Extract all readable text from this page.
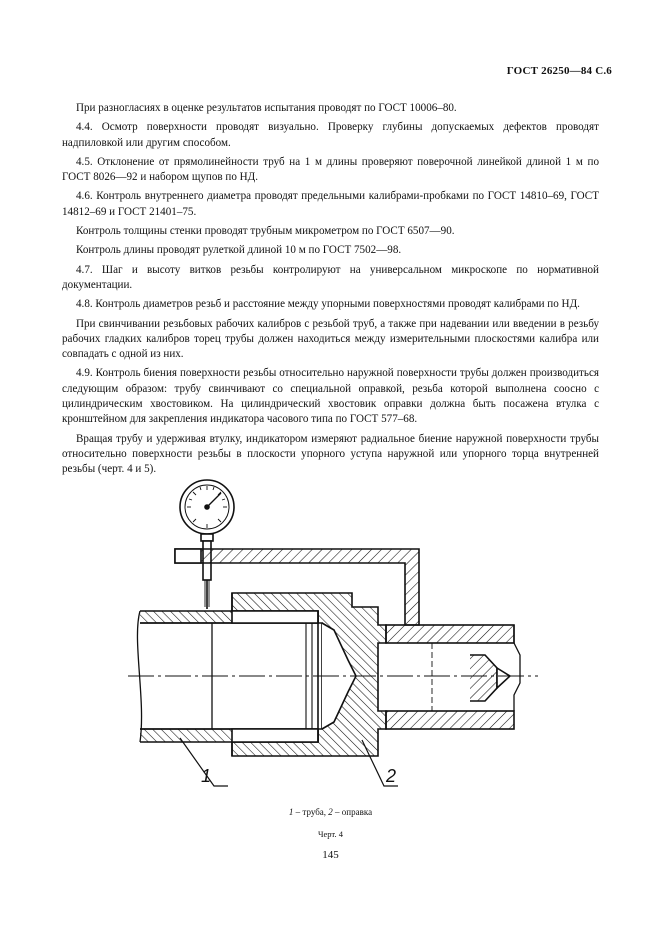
ГОСТ 26250—84 С.6

При разногласиях в оценке результатов испытания проводят по ГОСТ 10006–80.

4.4. Осмотр поверхности проводят визуально. Проверку глубины допускаемых дефектов проводят надпиловкой или другим способом.

4.5. Отклонение от прямолинейности труб на 1 м длины проверяют поверочной линейкой длиной 1 м по ГОСТ 8026—92 и набором щупов по НД.

4.6. Контроль внутреннего диаметра проводят предельными калибрами-пробками по ГОСТ 14810–69, ГОСТ 14812–69 и ГОСТ 21401–75.

Контроль толщины стенки проводят трубным микрометром по ГОСТ 6507—90.

Контроль длины проводят рулеткой длиной 10 м по ГОСТ 7502—98.

4.7. Шаг и высоту витков резьбы контролируют на универсальном микроскопе по нормативной документации.

4.8. Контроль диаметров резьб и расстояние между упорными поверхностями проводят калибрами по НД.

При свинчивании резьбовых рабочих калибров с резьбой труб, а также при надевании или введении в резьбу рабочих гладких калибров торец трубы должен находиться между измерительными плоскостями калибра или совпадать с одной из них.

4.9. Контроль биения поверхности резьбы относительно наружной поверхности трубы должен производиться следующим образом: трубу свинчивают со специальной оправкой, резьба которой выполнена соосно с цилиндрическим хвостовиком. На цилиндрический хвостовик оправки должна быть посажена втулка с кронштейном для закрепления индикатора часового типа по ГОСТ 577–68.

Вращая трубу и удерживая втулку, индикатором измеряют радиальное биение наружной поверхности трубы относительно поверхности резьбы в плоскости упорного уступа наружной или упорного торца внутренней резьбы (черт. 4 и 5).

1	2
1 – труба, 2 – оправка
Черт. 4
145
